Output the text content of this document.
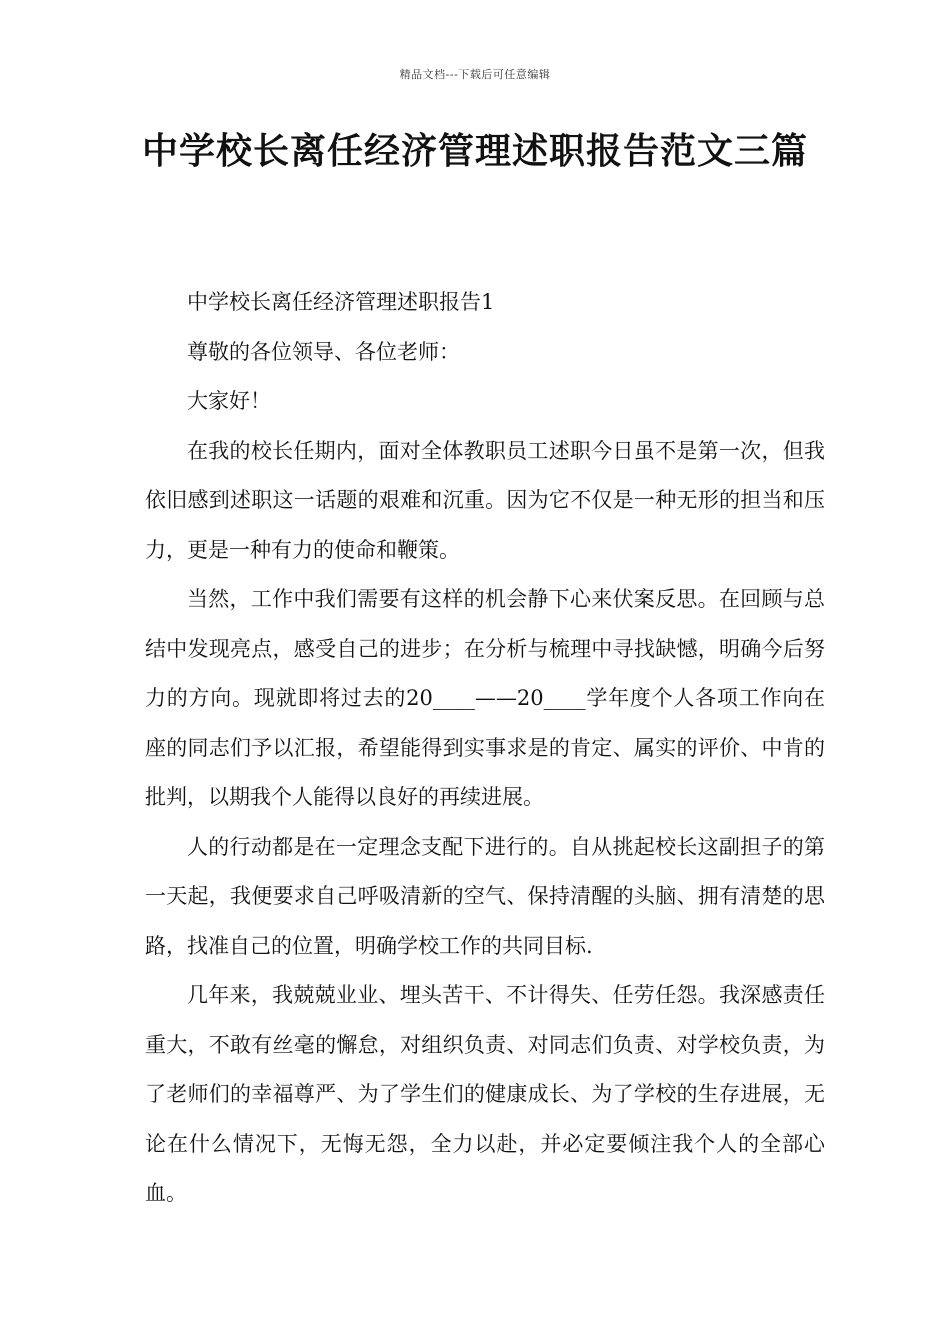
精品文档---下载后可任意编辑
中学校长离任经济管理述职报告范文三篇

中学校长离任经济管理述职报告1

尊敬的各位领导、各位老师：

大家好！

在我的校长任期内，面对全体教职员工述职今日虽不是第一次，但我依旧感到述职这一话题的艰难和沉重。因为它不仅是一种无形的担当和压力，更是一种有力的使命和鞭策。

当然，工作中我们需要有这样的机会静下心来伏案反思。在回顾与总结中发现亮点，感受自己的进步；在分析与梳理中寻找缺憾，明确今后努力的方向。现就即将过去的20____——20____学年度个人各项工作向在座的同志们予以汇报，希望能得到实事求是的肯定、属实的评价、中肯的批判，以期我个人能得以良好的再续进展。

人的行动都是在一定理念支配下进行的。自从挑起校长这副担子的第一天起，我便要求自己呼吸清新的空气、保持清醒的头脑、拥有清楚的思路，找准自己的位置，明确学校工作的共同目标.

几年来，我兢兢业业、埋头苦干、不计得失、任劳任怨。我深感责任重大，不敢有丝毫的懈怠，对组织负责、对同志们负责、对学校负责，为了老师们的幸福尊严、为了学生们的健康成长、为了学校的生存进展，无论在什么情况下，无悔无怨，全力以赴，并必定要倾注我个人的全部心血。
